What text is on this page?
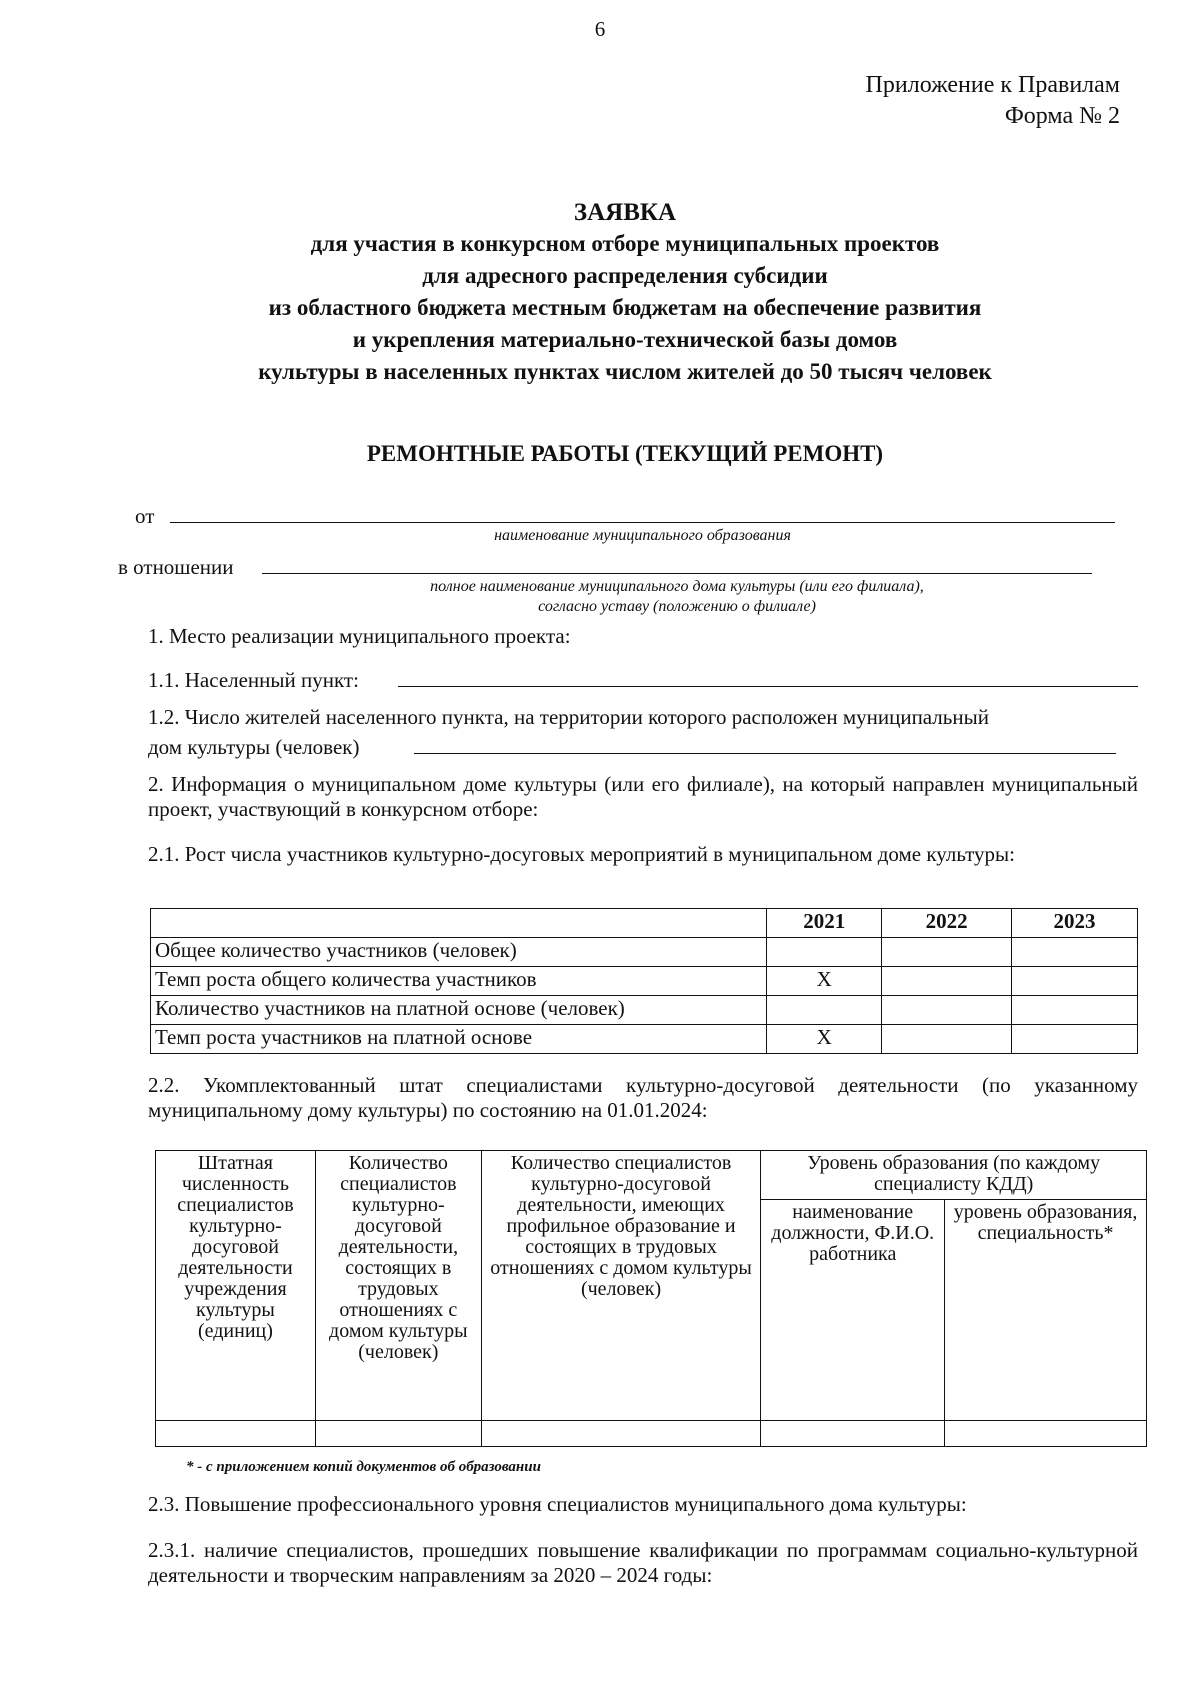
6
Приложение к Правилам
Форма № 2
ЗАЯВКА
для участия в конкурсном отборе муниципальных проектов
для адресного распределения субсидии
из областного бюджета местным бюджетам на обеспечение развития
и укрепления материально-технической базы домов
культуры в населенных пунктах числом жителей до 50 тысяч человек
РЕМОНТНЫЕ РАБОТЫ (ТЕКУЩИЙ РЕМОНТ)
от
наименование муниципального образования
в отношении
полное наименование муниципального дома культуры (или его филиала),
согласно уставу (положению о филиале)
1. Место реализации муниципального проекта:
1.1. Населенный пункт:
1.2. Число жителей населенного пункта, на территории которого расположен муниципальный
дом культуры (человек)
2. Информация о муниципальном доме культуры (или его филиале), на который направлен муниципальный проект, участвующий в конкурсном отборе:
2.1. Рост числа участников культурно-досуговых мероприятий в муниципальном доме культуры:
	2021	2022	2023
Общее количество участников (человек)			
Темп роста общего количества участников	Х		
Количество участников на платной основе (человек)			
Темп роста участников на платной основе	Х		
2.2. Укомплектованный штат специалистами культурно-досуговой деятельности (по указанному муниципальному дому культуры) по состоянию на 01.01.2024:
Штатная численность специалистов культурно-досуговой деятельности учреждения культуры (единиц)	Количество специалистов культурно-досуговой деятельности, состоящих в трудовых отношениях с домом культуры (человек)	Количество специалистов культурно-досуговой деятельности, имеющих профильное образование и состоящих в трудовых отношениях с домом культуры (человек)	Уровень образования (по каждому специалисту КДД)	
			наименование должности, Ф.И.О. работника	уровень образования, специальность*

* - с приложением копий документов об образовании
2.3. Повышение профессионального уровня специалистов муниципального дома культуры:
2.3.1. наличие специалистов, прошедших повышение квалификации по программам социально-культурной деятельности и творческим направлениям за 2020 – 2024 годы:
